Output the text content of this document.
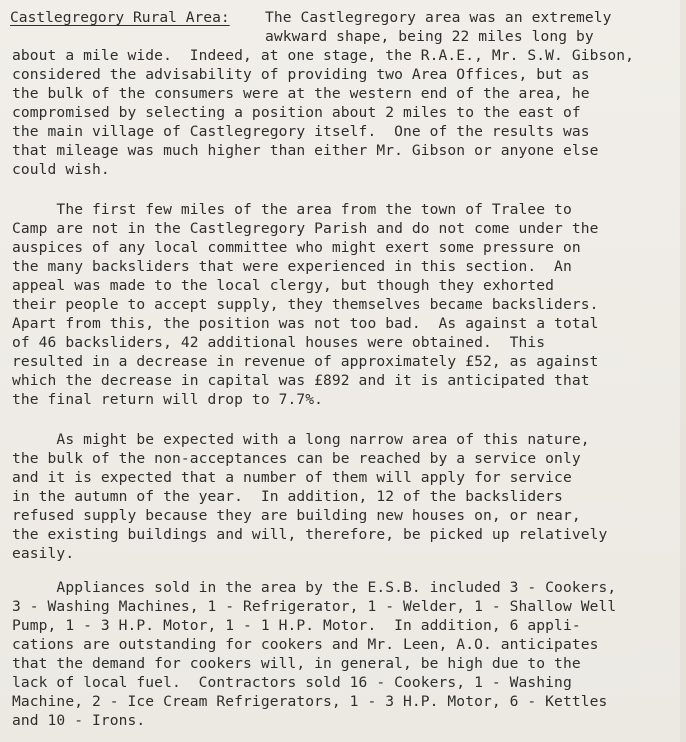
Castlegregory Rural Area: The Castlegregory area was an extremely
awkward shape, being 22 miles long by
about a mile wide.  Indeed, at one stage, the R.A.E., Mr. S.W. Gibson,
considered the advisability of providing two Area Offices, but as
the bulk of the consumers were at the western end of the area, he
compromised by selecting a position about 2 miles to the east of
the main village of Castlegregory itself.  One of the results was
that mileage was much higher than either Mr. Gibson or anyone else
could wish.
The first few miles of the area from the town of Tralee to
Camp are not in the Castlegregory Parish and do not come under the
auspices of any local committee who might exert some pressure on
the many backsliders that were experienced in this section.  An
appeal was made to the local clergy, but though they exhorted
their people to accept supply, they themselves became backsliders.
Apart from this, the position was not too bad.  As against a total
of 46 backsliders, 42 additional houses were obtained.  This
resulted in a decrease in revenue of approximately £52, as against
which the decrease in capital was £892 and it is anticipated that
the final return will drop to 7.7%.
As might be expected with a long narrow area of this nature,
the bulk of the non-acceptances can be reached by a service only
and it is expected that a number of them will apply for service
in the autumn of the year.  In addition, 12 of the backsliders
refused supply because they are building new houses on, or near,
the existing buildings and will, therefore, be picked up relatively
easily.
Appliances sold in the area by the E.S.B. included 3 - Cookers,
3 - Washing Machines, 1 - Refrigerator, 1 - Welder, 1 - Shallow Well
Pump, 1 - 3 H.P. Motor, 1 - 1 H.P. Motor.  In addition, 6 appli-
cations are outstanding for cookers and Mr. Leen, A.O. anticipates
that the demand for cookers will, in general, be high due to the
lack of local fuel.  Contractors sold 16 - Cookers, 1 - Washing
Machine, 2 - Ice Cream Refrigerators, 1 - 3 H.P. Motor, 6 - Kettles
and 10 - Irons.
